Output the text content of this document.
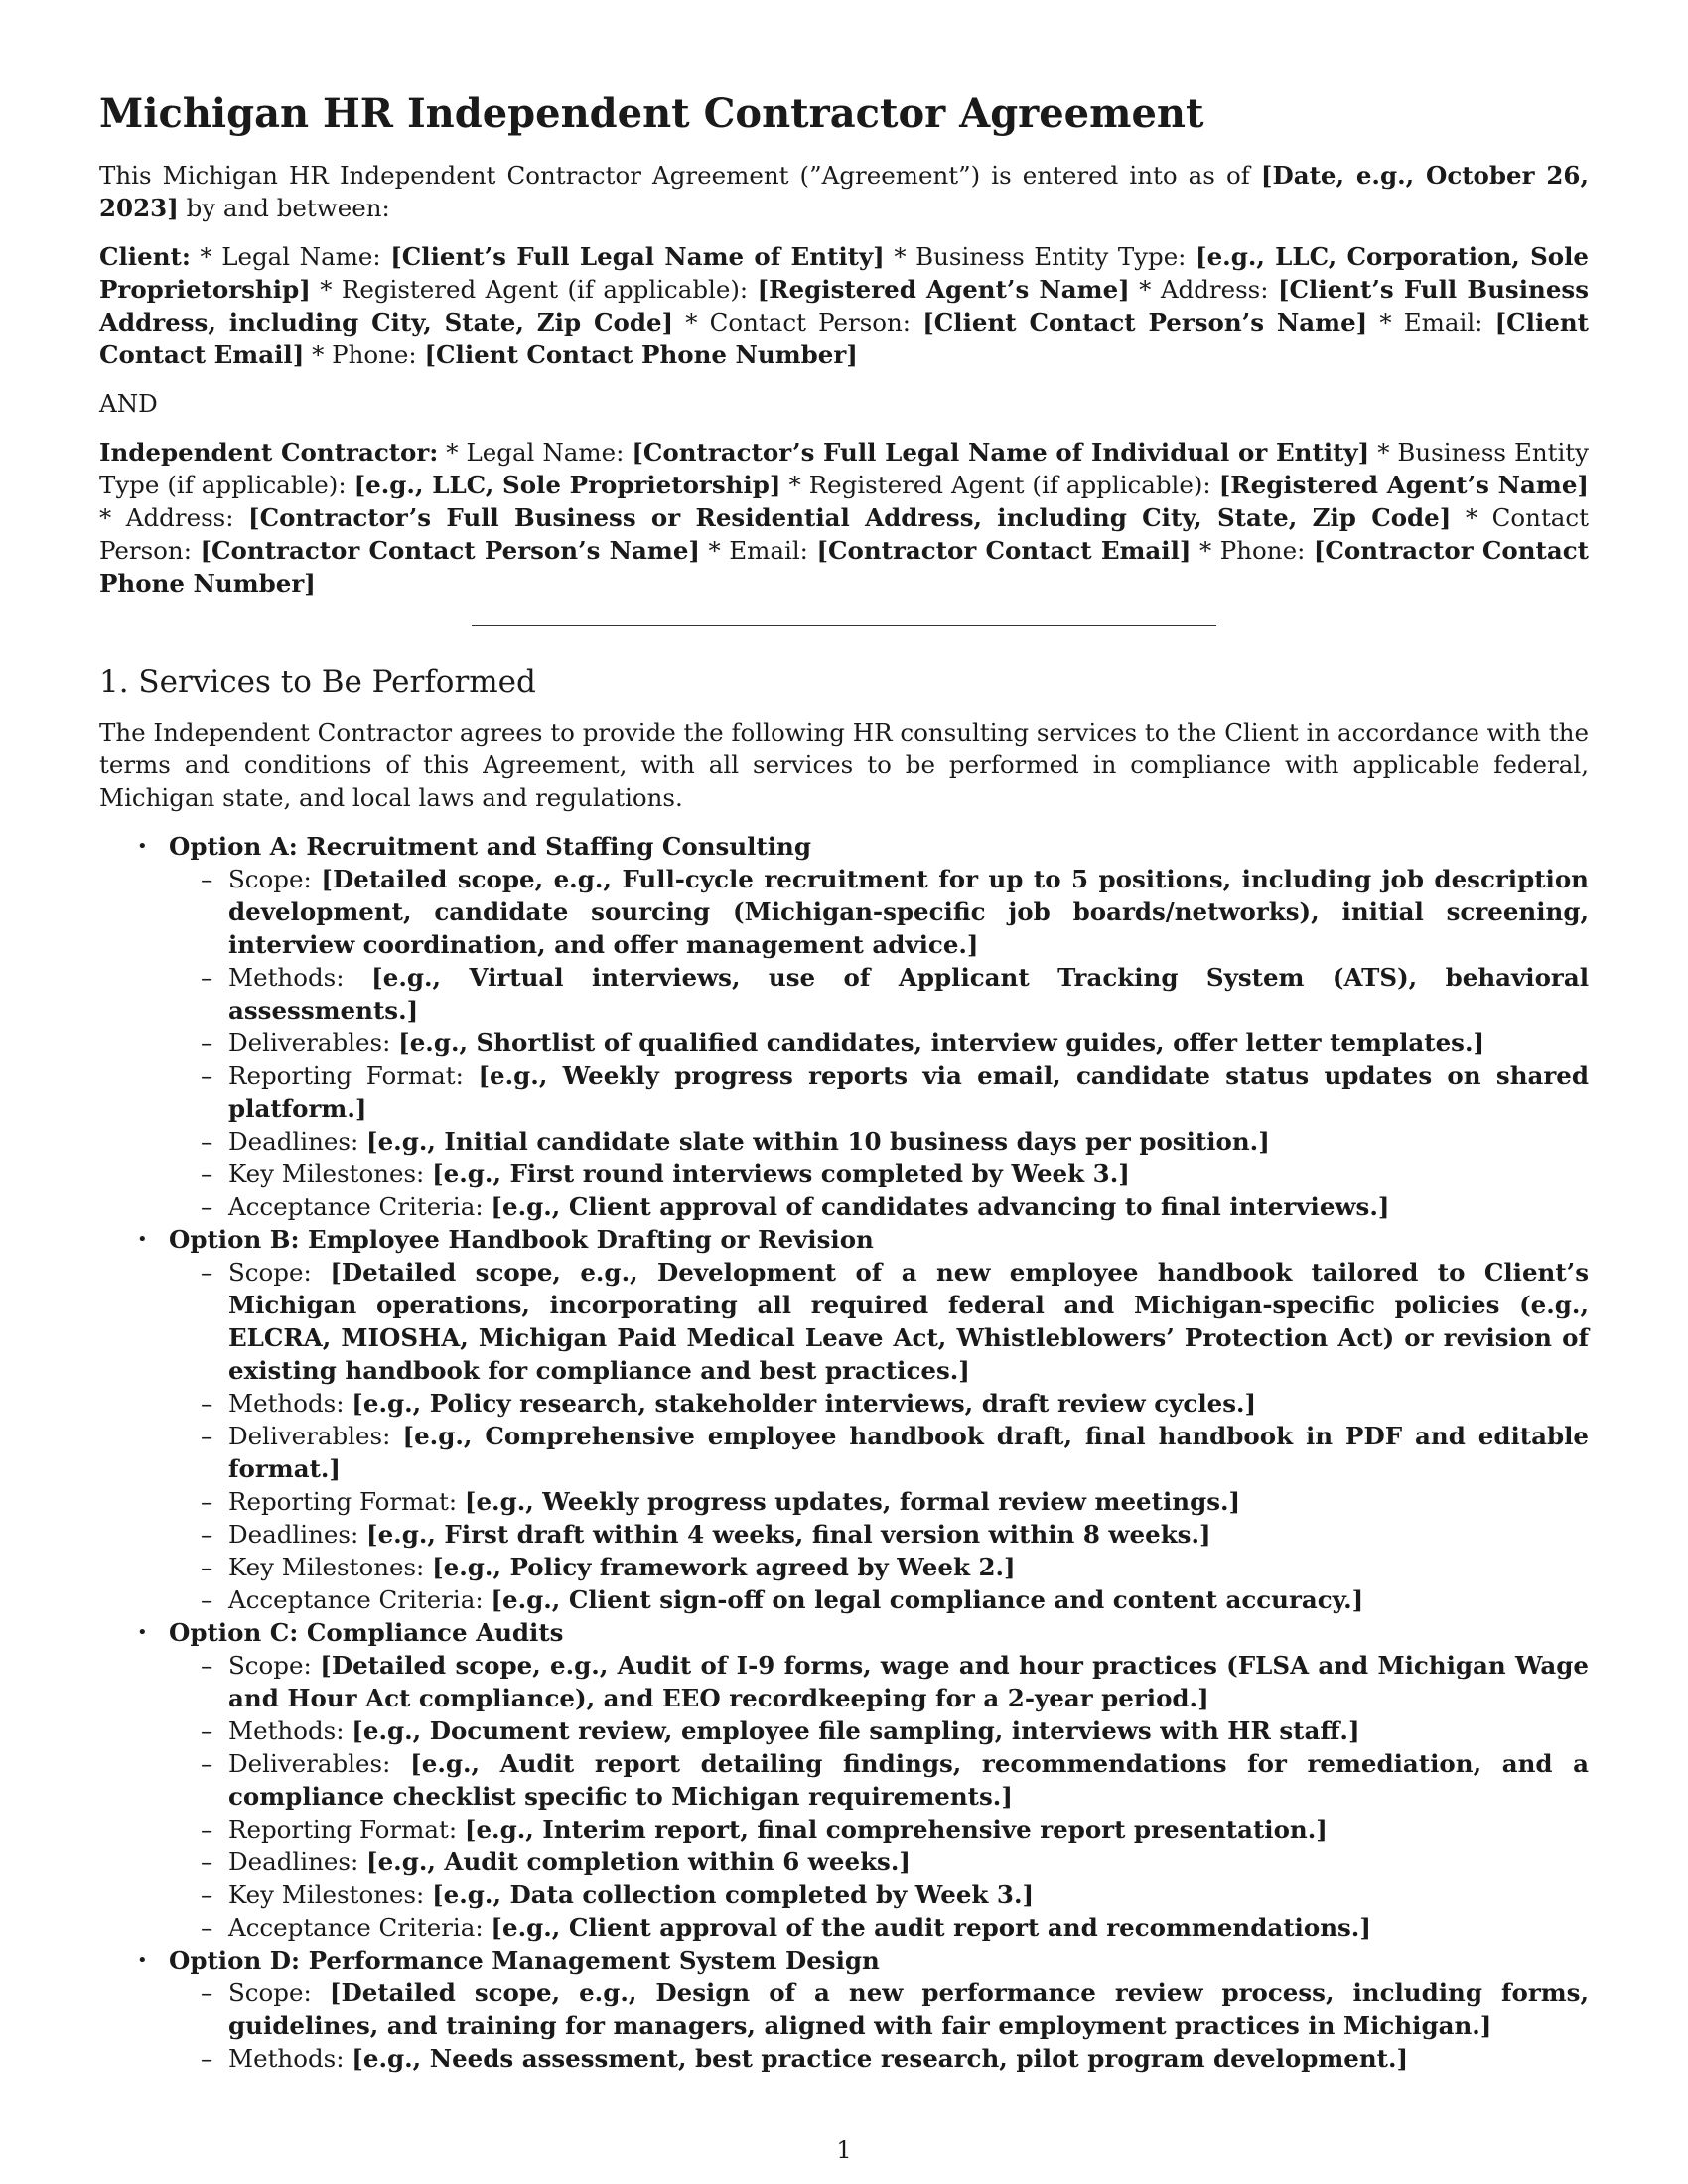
Michigan HR Independent Contractor Agreement

This Michigan HR Independent Contractor Agreement (”Agreement”) is entered into as of [Date, e.g., October 26, 2023] by and between:

Client: * Legal Name: [Client’s Full Legal Name of Entity] * Business Entity Type: [e.g., LLC, Corporation, Sole Proprietorship] * Registered Agent (if applicable): [Registered Agent’s Name] * Address: [Client’s Full Business Address, including City, State, Zip Code] * Contact Person: [Client Contact Person’s Name] * Email: [Client Contact Email] * Phone: [Client Contact Phone Number]

AND

Independent Contractor: * Legal Name: [Contractor’s Full Legal Name of Individual or Entity] * Business Entity Type (if applicable): [e.g., LLC, Sole Proprietorship] * Registered Agent (if applicable): [Registered Agent’s Name] * Address: [Contractor’s Full Business or Residential Address, including City, State, Zip Code] * Contact Person: [Contractor Contact Person’s Name] * Email: [Contractor Contact Email] * Phone: [Contractor Contact Phone Number]

1. Services to Be Performed

The Independent Contractor agrees to provide the following HR consulting services to the Client in accordance with the terms and conditions of this Agreement, with all services to be performed in compliance with applicable federal, Michigan state, and local laws and regulations.

• Option A: Recruitment and Staffing Consulting
– Scope: [Detailed scope, e.g., Full-cycle recruitment for up to 5 positions, including job description development, candidate sourcing (Michigan-specific job boards/networks), initial screening, interview coordination, and offer management advice.]
– Methods: [e.g., Virtual interviews, use of Applicant Tracking System (ATS), behavioral assessments.]
– Deliverables: [e.g., Shortlist of qualified candidates, interview guides, offer letter templates.]
– Reporting Format: [e.g., Weekly progress reports via email, candidate status updates on shared platform.]
– Deadlines: [e.g., Initial candidate slate within 10 business days per position.]
– Key Milestones: [e.g., First round interviews completed by Week 3.]
– Acceptance Criteria: [e.g., Client approval of candidates advancing to final interviews.]
• Option B: Employee Handbook Drafting or Revision
– Scope: [Detailed scope, e.g., Development of a new employee handbook tailored to Client’s Michigan operations, incorporating all required federal and Michigan-specific policies (e.g., ELCRA, MIOSHA, Michigan Paid Medical Leave Act, Whistleblowers’ Protection Act) or revision of existing handbook for compliance and best practices.]
– Methods: [e.g., Policy research, stakeholder interviews, draft review cycles.]
– Deliverables: [e.g., Comprehensive employee handbook draft, final handbook in PDF and editable format.]
– Reporting Format: [e.g., Weekly progress updates, formal review meetings.]
– Deadlines: [e.g., First draft within 4 weeks, final version within 8 weeks.]
– Key Milestones: [e.g., Policy framework agreed by Week 2.]
– Acceptance Criteria: [e.g., Client sign-off on legal compliance and content accuracy.]
• Option C: Compliance Audits
– Scope: [Detailed scope, e.g., Audit of I-9 forms, wage and hour practices (FLSA and Michigan Wage and Hour Act compliance), and EEO recordkeeping for a 2-year period.]
– Methods: [e.g., Document review, employee file sampling, interviews with HR staff.]
– Deliverables: [e.g., Audit report detailing findings, recommendations for remediation, and a compliance checklist specific to Michigan requirements.]
– Reporting Format: [e.g., Interim report, final comprehensive report presentation.]
– Deadlines: [e.g., Audit completion within 6 weeks.]
– Key Milestones: [e.g., Data collection completed by Week 3.]
– Acceptance Criteria: [e.g., Client approval of the audit report and recommendations.]
• Option D: Performance Management System Design
– Scope: [Detailed scope, e.g., Design of a new performance review process, including forms, guidelines, and training for managers, aligned with fair employment practices in Michigan.]
– Methods: [e.g., Needs assessment, best practice research, pilot program development.]
1
